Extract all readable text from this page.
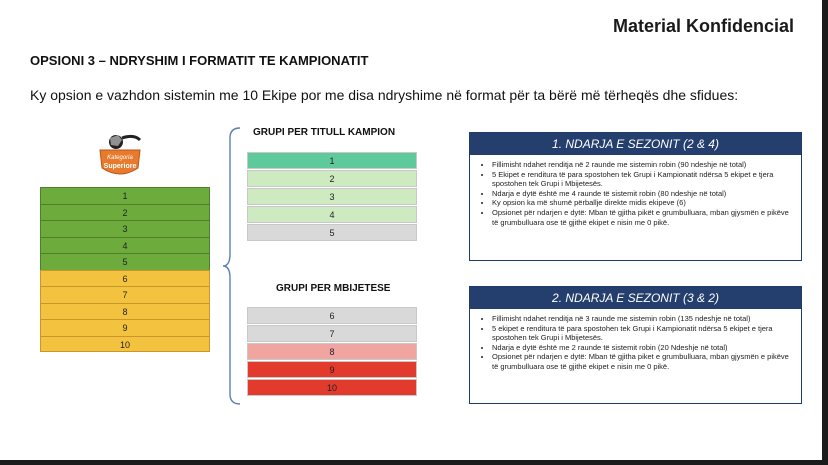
Material Konfidencial
OPSIONI 3 – NDRYSHIM I FORMATIT TE KAMPIONATIT
Ky opsion e vazhdon sistemin me 10 Ekipe por me disa ndryshime në format për ta bërë më tërheqës dhe sfidues:
Kategoria
Superiore
1
2
3
4
5
6
7
8
9
10
GRUPI PER TITULL KAMPION
1
2
3
4
5
GRUPI PER MBIJETESE
6
7
8
9
10
1. NDARJA E SEZONIT (2 & 4)
• Fillimisht ndahet renditja në 2 raunde me sistemin robin (90 ndeshje në total)
• 5 Ekipet e renditura të para spostohen tek Grupi i Kampionatit ndërsa 5 ekipet e tjera spostohen tek Grupi i Mbijetesës.
• Ndarja e dytë është me 4 raunde të sistemit robin (80 ndeshje në total)
• Ky opsion ka më shumë përballje direkte midis ekipeve (6)
• Opsionet për ndarjen e dytë: Mban të gjitha pikët e grumbulluara, mban gjysmën e pikëve të grumbulluara ose të gjithë ekipet e nisin me 0 pikë.
2. NDARJA E SEZONIT (3 & 2)
• Fillimisht ndahet renditja në 3 raunde me sistemin robin (135 ndeshje në total)
• 5 ekipet e renditura të para spostohen tek Grupi i Kampionatit ndërsa 5 ekipet e tjera spostohen tek Grupi i Mbijetesës.
• Ndarja e dytë është me 2 raunde të sistemit robin (20 Ndeshje në total)
• Opsionet për ndarjen e dytë: Mban të gjitha piket e grumbulluara, mban gjysmën e pikëve të grumbulluara ose të gjithë ekipet e nisin me 0 pikë.
